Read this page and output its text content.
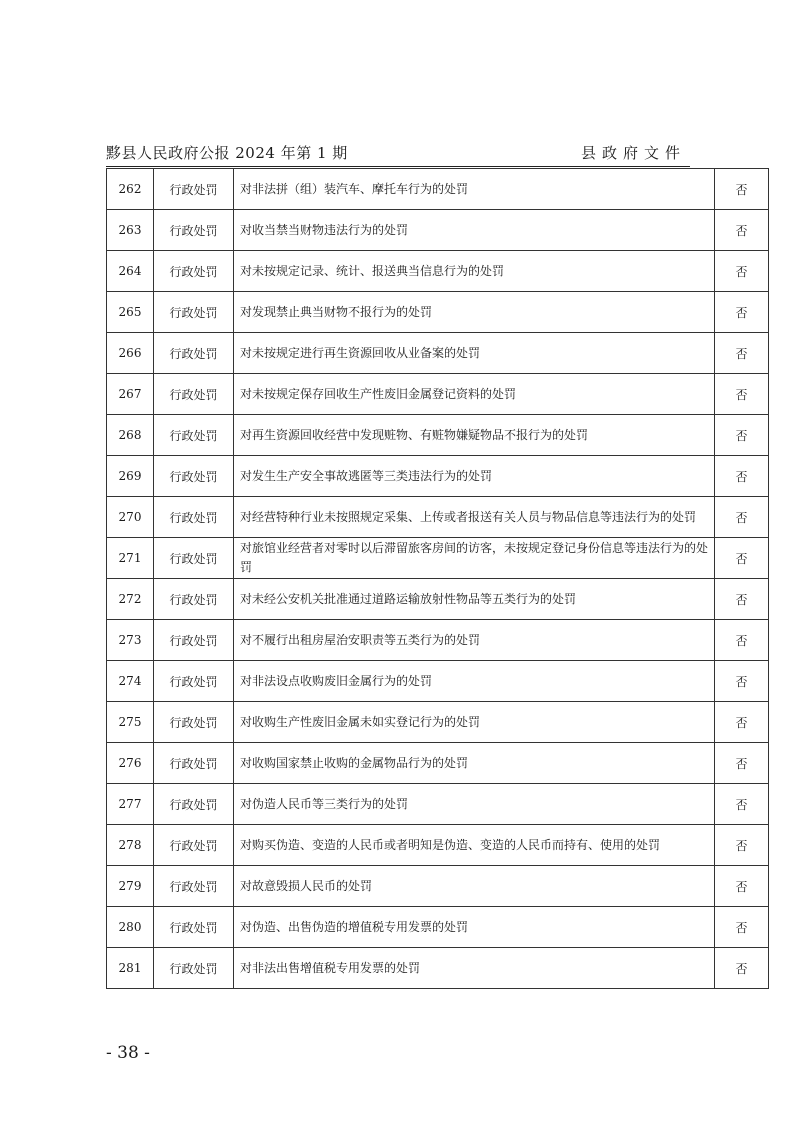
黟县人民政府公报 2024 年第 1 期	县政府文件
262	行政处罚	对非法拼（组）装汽车、摩托车行为的处罚	否
263	行政处罚	对收当禁当财物违法行为的处罚	否
264	行政处罚	对未按规定记录、统计、报送典当信息行为的处罚	否
265	行政处罚	对发现禁止典当财物不报行为的处罚	否
266	行政处罚	对未按规定进行再生资源回收从业备案的处罚	否
267	行政处罚	对未按规定保存回收生产性废旧金属登记资料的处罚	否
268	行政处罚	对再生资源回收经营中发现赃物、有赃物嫌疑物品不报行为的处罚	否
269	行政处罚	对发生生产安全事故逃匿等三类违法行为的处罚	否
270	行政处罚	对经营特种行业未按照规定采集、上传或者报送有关人员与物品信息等违法行为的处罚	否
271	行政处罚	对旅馆业经营者对零时以后滞留旅客房间的访客，未按规定登记身份信息等违法行为的处罚	否
272	行政处罚	对未经公安机关批准通过道路运输放射性物品等五类行为的处罚	否
273	行政处罚	对不履行出租房屋治安职责等五类行为的处罚	否
274	行政处罚	对非法设点收购废旧金属行为的处罚	否
275	行政处罚	对收购生产性废旧金属未如实登记行为的处罚	否
276	行政处罚	对收购国家禁止收购的金属物品行为的处罚	否
277	行政处罚	对伪造人民币等三类行为的处罚	否
278	行政处罚	对购买伪造、变造的人民币或者明知是伪造、变造的人民币而持有、使用的处罚	否
279	行政处罚	对故意毁损人民币的处罚	否
280	行政处罚	对伪造、出售伪造的增值税专用发票的处罚	否
281	行政处罚	对非法出售增值税专用发票的处罚	否
- 38 -
